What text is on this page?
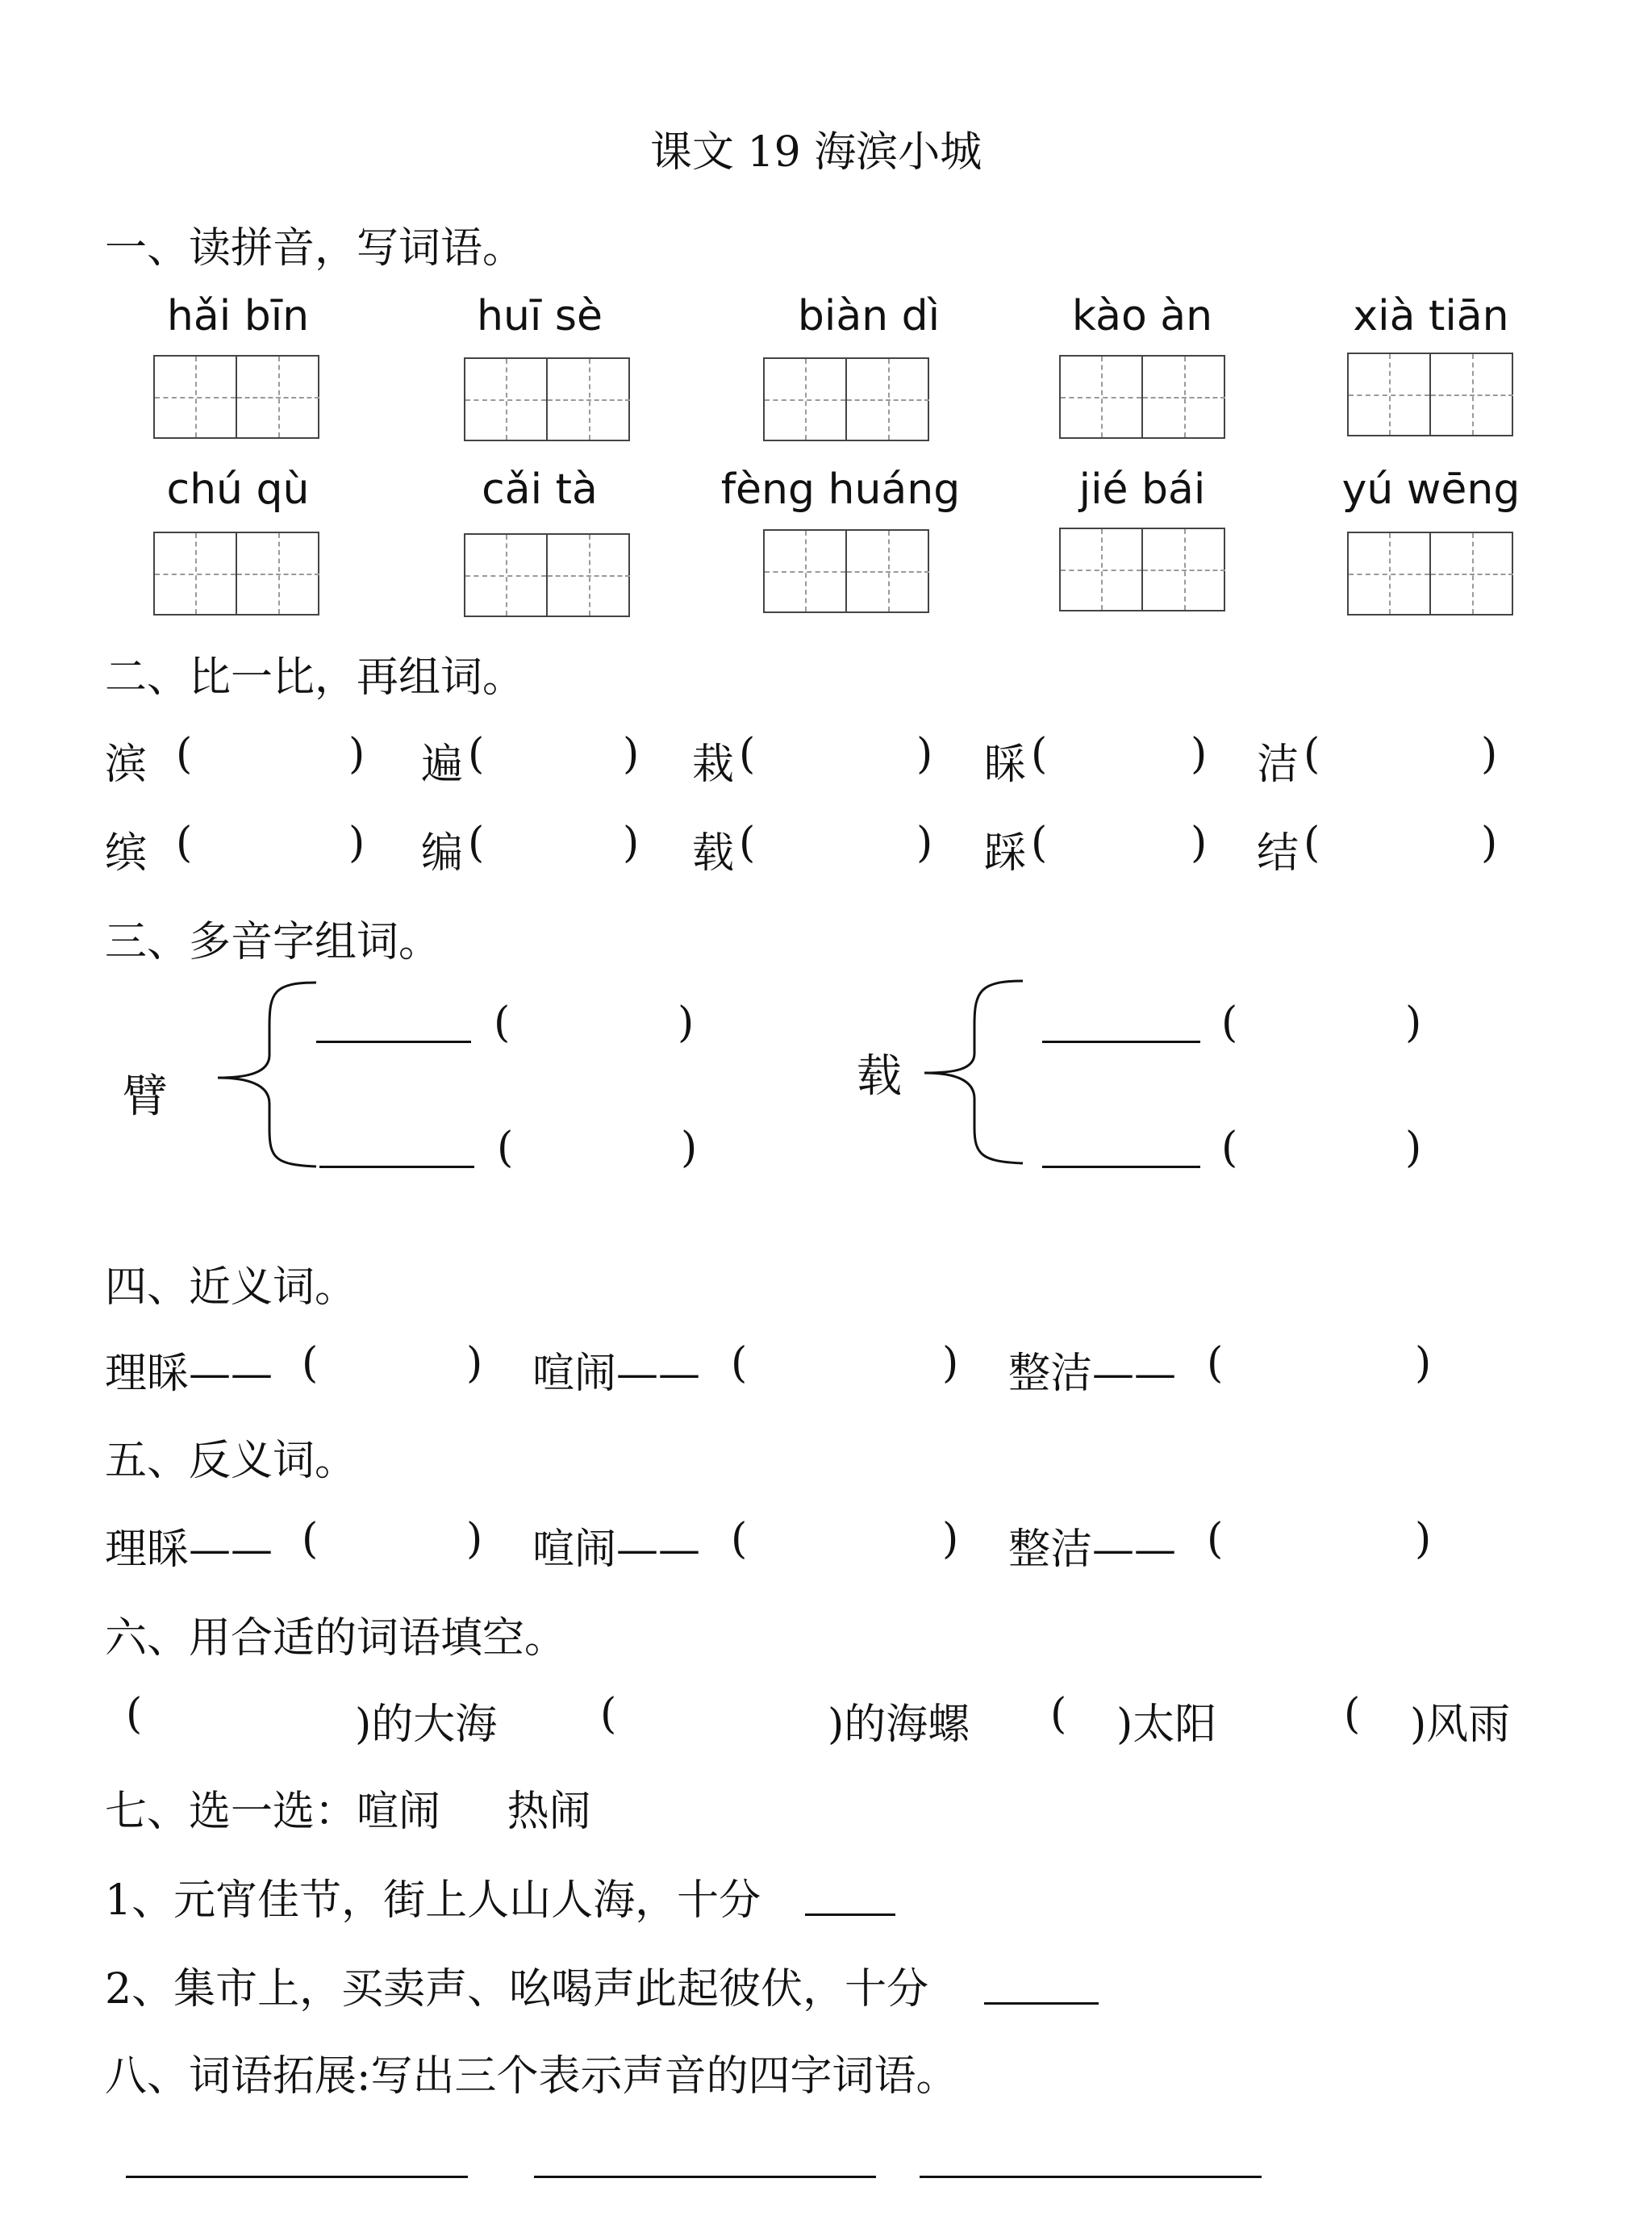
课文 19 海滨小城
一、读拼音，写词语。
hǎi bīn	huī sè	biàn dì	kào àn	xià tiān
chú qù	cǎi tà	fèng huáng	jié bái	yú wēng
二、比一比，再组词。
滨 (	) 遍 (	) 栽 (	) 睬 (	) 洁 (	)
缤 (	) 编 (	) 载 (	) 踩 (	) 结 (	)
三、多音字组词。
臂
(	)
(	)
载
(	)
(	)
四、近义词。
理睬—— (	) 喧闹—— (	) 整洁—— (	)
五、反义词。
理睬—— (	) 喧闹—— (	) 整洁—— (	)
六、用合适的词语填空。
(	)的大海 (	)的海螺 ( )太阳	( )风雨
七、选一选：喧闹     热闹
1、元宵佳节，街上人山人海，十分
2、集市上，买卖声、吆喝声此起彼伏，十分
八、词语拓展:写出三个表示声音的四字词语。
